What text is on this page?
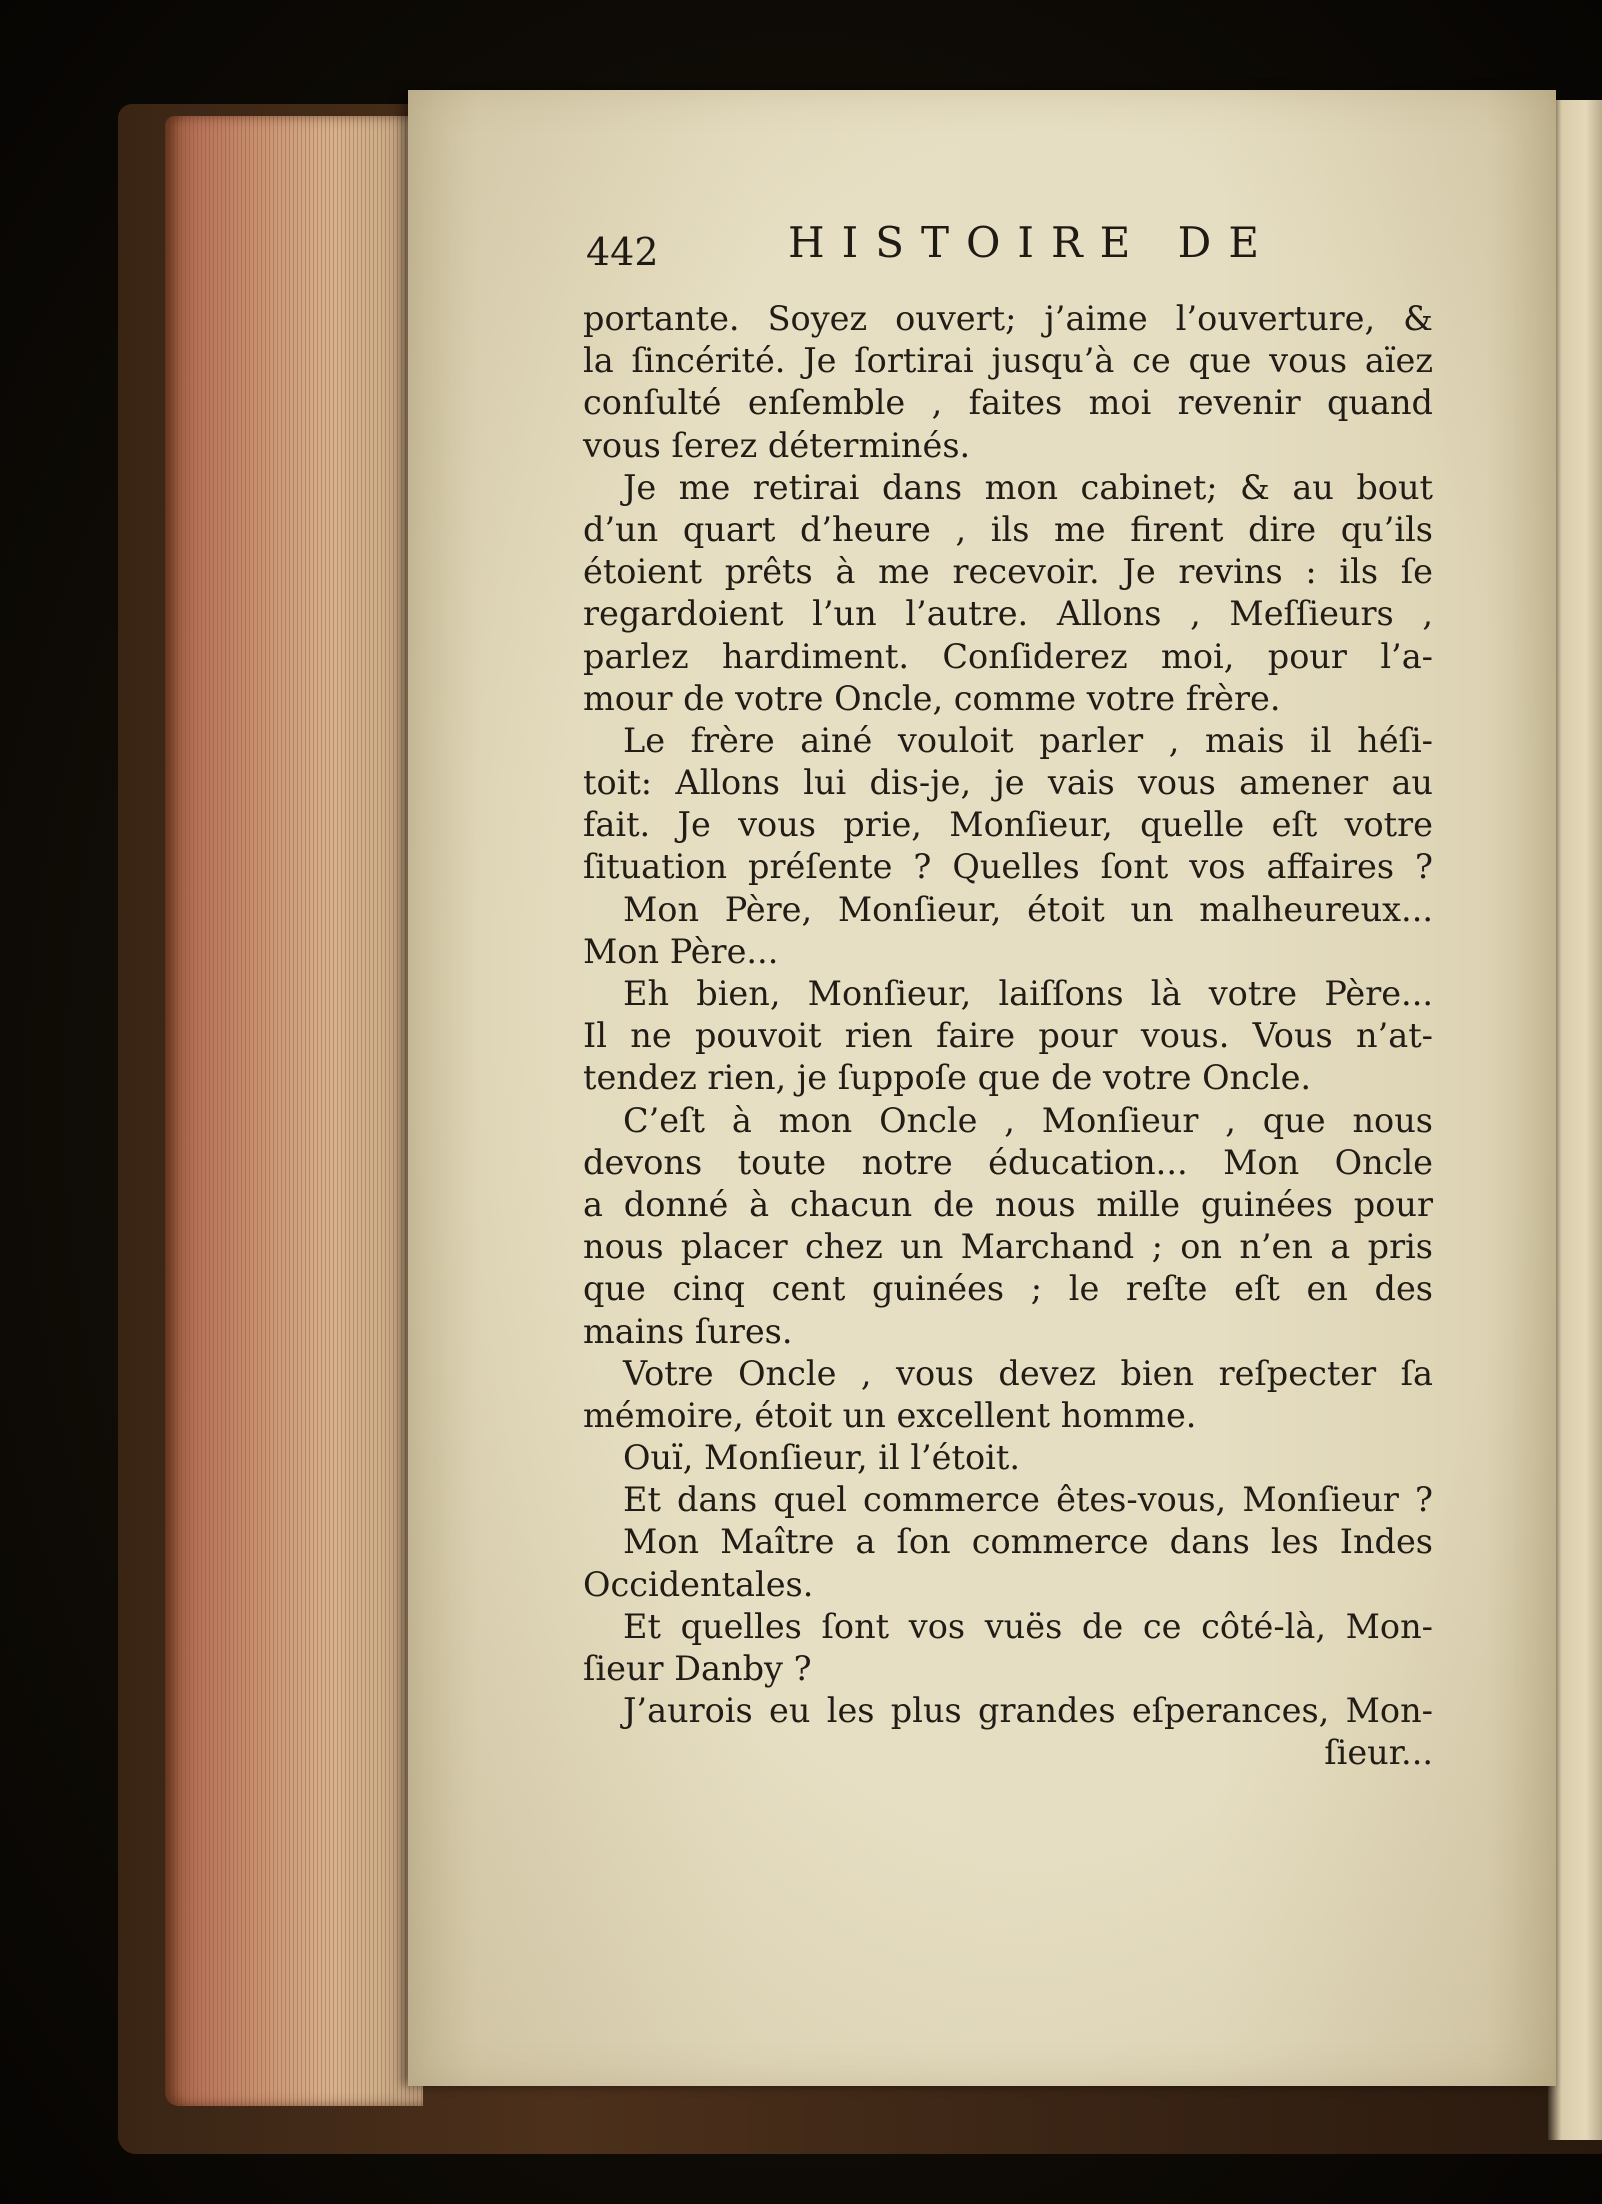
442	HISTOIRE DE
portante. Soyez ouvert; j’aime l’ouverture, &
la ſincérité. Je ſortirai jusqu’à ce que vous aïez
conſulté enſemble , faites moi revenir quand
vous ſerez déterminés.
Je me retirai dans mon cabinet; & au bout
d’un quart d’heure , ils me firent dire qu’ils
étoient prêts à me recevoir. Je revins : ils ſe
regardoient l’un l’autre. Allons , Meſſieurs ,
parlez hardiment. Conſiderez moi, pour l’a-
mour de votre Oncle, comme votre frère.
Le frère ainé vouloit parler , mais il héſi-
toit: Allons lui dis-je, je vais vous amener au
fait. Je vous prie, Monſieur, quelle eſt votre
ſituation préſente ? Quelles ſont vos affaires ?
Mon Père, Monſieur, étoit un malheureux...
Mon Père...
Eh bien, Monſieur, laiſſons là votre Père...
Il ne pouvoit rien faire pour vous. Vous n’at-
tendez rien, je ſuppoſe que de votre Oncle.
C’eſt à mon Oncle , Monſieur , que nous
devons toute notre éducation... Mon Oncle
a donné à chacun de nous mille guinées pour
nous placer chez un Marchand ; on n’en a pris
que cinq cent guinées ; le reſte eſt en des
mains ſures.
Votre Oncle , vous devez bien reſpecter ſa
mémoire, étoit un excellent homme.
Ouï, Monſieur, il l’étoit.
Et dans quel commerce êtes-vous, Monſieur ?
Mon Maître a ſon commerce dans les Indes
Occidentales.
Et quelles ſont vos vuës de ce côté-là, Mon-
ſieur Danby ?
J’aurois eu les plus grandes eſperances, Mon-
ſieur...
